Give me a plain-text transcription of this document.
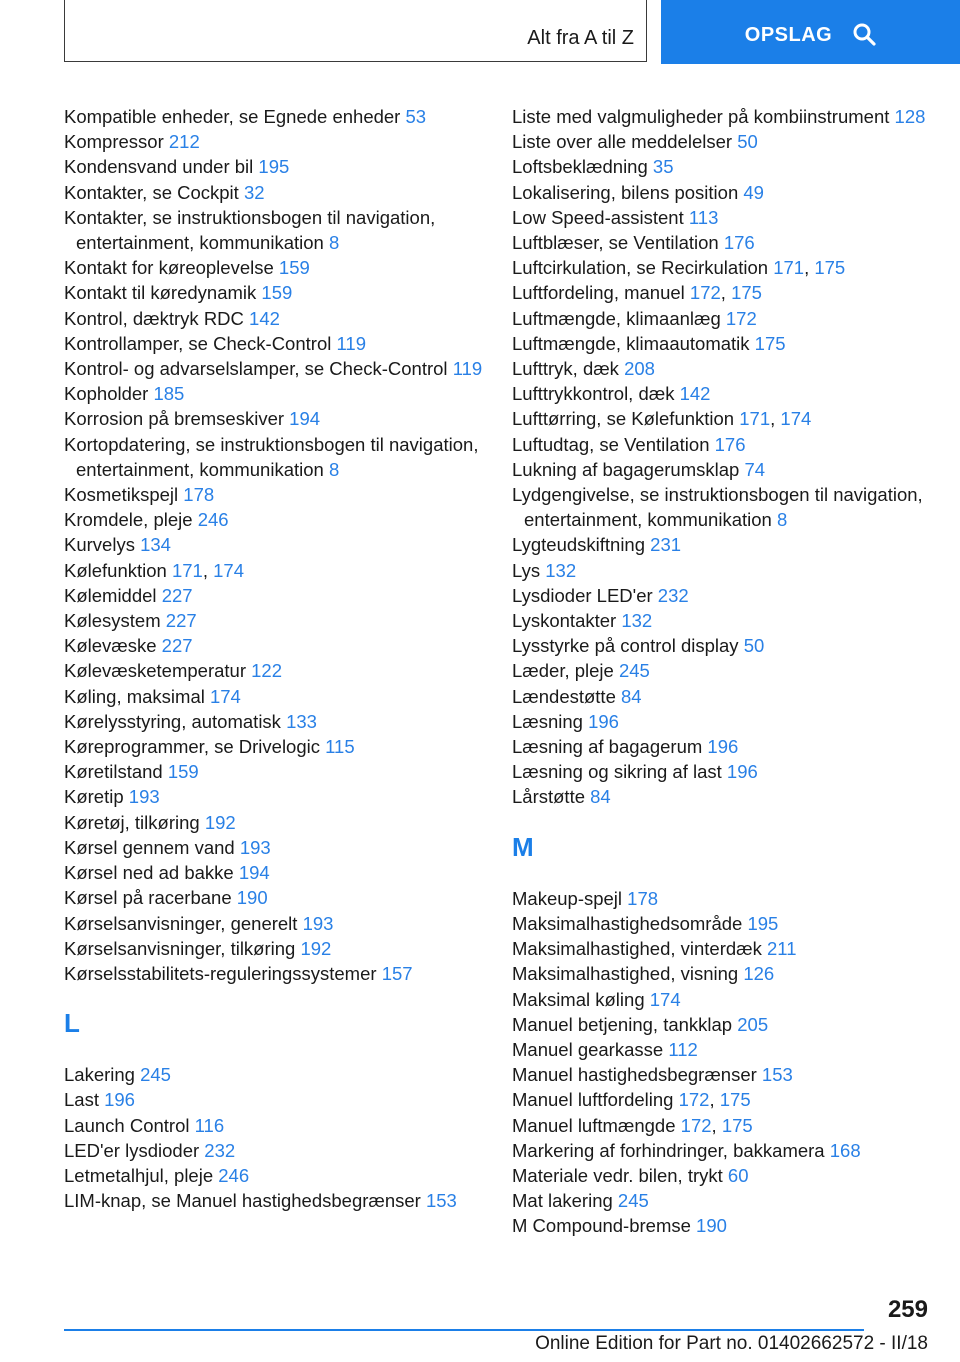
Alt fra A til Z	OPSLAG
Kompatible enheder, se Egnede enheder 53
Kompressor 212
Kondensvand under bil 195
Kontakter, se Cockpit 32
Kontakter, se instruktionsbogen til navigation, entertainment, kommunikation 8
Kontakt for køreoplevelse 159
Kontakt til køredynamik 159
Kontrol, dæktryk RDC 142
Kontrollamper, se Check-Control 119
Kontrol- og advarselslamper, se Check-Control 119
Kopholder 185
Korrosion på bremseskiver 194
Kortopdatering, se instruktionsbogen til navigation, entertainment, kommunikation 8
Kosmetikspejl 178
Kromdele, pleje 246
Kurvelys 134
Kølefunktion 171, 174
Kølemiddel 227
Kølesystem 227
Kølevæske 227
Kølevæsketemperatur 122
Køling, maksimal 174
Kørelysstyring, automatisk 133
Køreprogrammer, se Drivelogic 115
Køretilstand 159
Køretip 193
Køretøj, tilkøring 192
Kørsel gennem vand 193
Kørsel ned ad bakke 194
Kørsel på racerbane 190
Kørselsanvisninger, generelt 193
Kørselsanvisninger, tilkøring 192
Kørselsstabilitets-reguleringssystemer 157
L
Lakering 245
Last 196
Launch Control 116
LED'er lysdioder 232
Letmetalhjul, pleje 246
LIM-knap, se Manuel hastighedsbegrænser 153
Liste med valgmuligheder på kombiinstrument 128
Liste over alle meddelelser 50
Loftsbeklædning 35
Lokalisering, bilens position 49
Low Speed-assistent 113
Luftblæser, se Ventilation 176
Luftcirkulation, se Recirkulation 171, 175
Luftfordeling, manuel 172, 175
Luftmængde, klimaanlæg 172
Luftmængde, klimaautomatik 175
Lufttryk, dæk 208
Lufttrykkontrol, dæk 142
Lufttørring, se Kølefunktion 171, 174
Luftudtag, se Ventilation 176
Lukning af bagagerumsklap 74
Lydgengivelse, se instruktionsbogen til navigation, entertainment, kommunikation 8
Lygteudskiftning 231
Lys 132
Lysdioder LED'er 232
Lyskontakter 132
Lysstyrke på control display 50
Læder, pleje 245
Lændestøtte 84
Læsning 196
Læsning af bagagerum 196
Læsning og sikring af last 196
Lårstøtte 84
M
Makeup-spejl 178
Maksimalhastighedsområde 195
Maksimalhastighed, vinterdæk 211
Maksimalhastighed, visning 126
Maksimal køling 174
Manuel betjening, tankklap 205
Manuel gearkasse 112
Manuel hastighedsbegrænser 153
Manuel luftfordeling 172, 175
Manuel luftmængde 172, 175
Markering af forhindringer, bakkamera 168
Materiale vedr. bilen, trykt 60
Mat lakering 245
M Compound-bremse 190
259
Online Edition for Part no. 01402662572 - II/18
